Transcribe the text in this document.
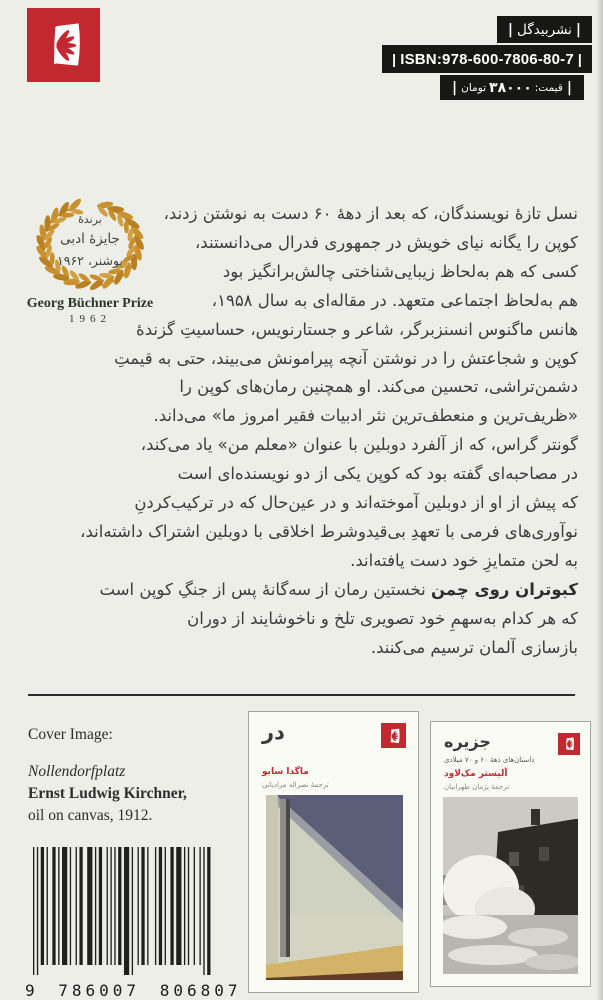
|
نشربیدگل
|
| ISBN:978-600-7806-80-7 |
|
قیمت:
۳۸۰۰۰
تومان
|
برندهٔ
جایزهٔ ادبی
بوشنر، ۱۹۶۲
Georg Büchner Prize
1962
نسل تازهٔ نویسندگان، که بعد از دههٔ ۶۰ دست به نوشتن زدند،
کوپن را یگانه نیای خویش در جمهوری فدرال می‌دانستند،
کسی که هم به‌لحاظ زیبایی‌شناختی چالش‌برانگیز بود
هم به‌لحاظ اجتماعی متعهد. در مقاله‌ای به سال ۱۹۵۸،
هانس ماگنوس انسنزبرگر، شاعر و جستارنویس، حساسیتِ گزندهٔ
کوپن و شجاعتش را در نوشتن آنچه پیرامونش می‌بیند، حتی به قیمتِ
دشمن‌تراشی، تحسین می‌کند. او همچنین رمان‌های کوپن را
«ظریف‌ترین و منعطف‌ترین نثر ادبیات فقیر امروز ما» می‌داند.
گونتر گراس، که از آلفرد دوبلین با عنوان «معلم من» یاد می‌کند،
در مصاحبه‌ای گفته بود که کوپن یکی از دو نویسنده‌ای است
که پیش از او از دوبلین آموخته‌اند و در عین‌حال که در ترکیب‌کردنِ
نوآوری‌های فرمی با تعهدِ بی‌قیدوشرط اخلاقی با دوبلین اشتراک داشته‌اند،
به لحن متمایزِ خود دست یافته‌اند.
کبوتران روی چمن نخستین رمان از سه‌گانهٔ پس از جنگِ کوپن است
که هر کدام به‌سهمِ خود تصویری تلخ و ناخوشایند از دوران
بازسازی آلمان ترسیم می‌کنند.
Cover Image:
Nollendorfplatz
Ernst Ludwig Kirchner,
oil on canvas, 1912.
در
ماگدا سابو
ترجمهٔ نصراله مرادیانی
جزیره
داستان‌های دههٔ ۶۰ و ۷۰ میلادی
آلیستر مک‌لاود
ترجمهٔ پژمان طهرانیان
9 786007 806807
